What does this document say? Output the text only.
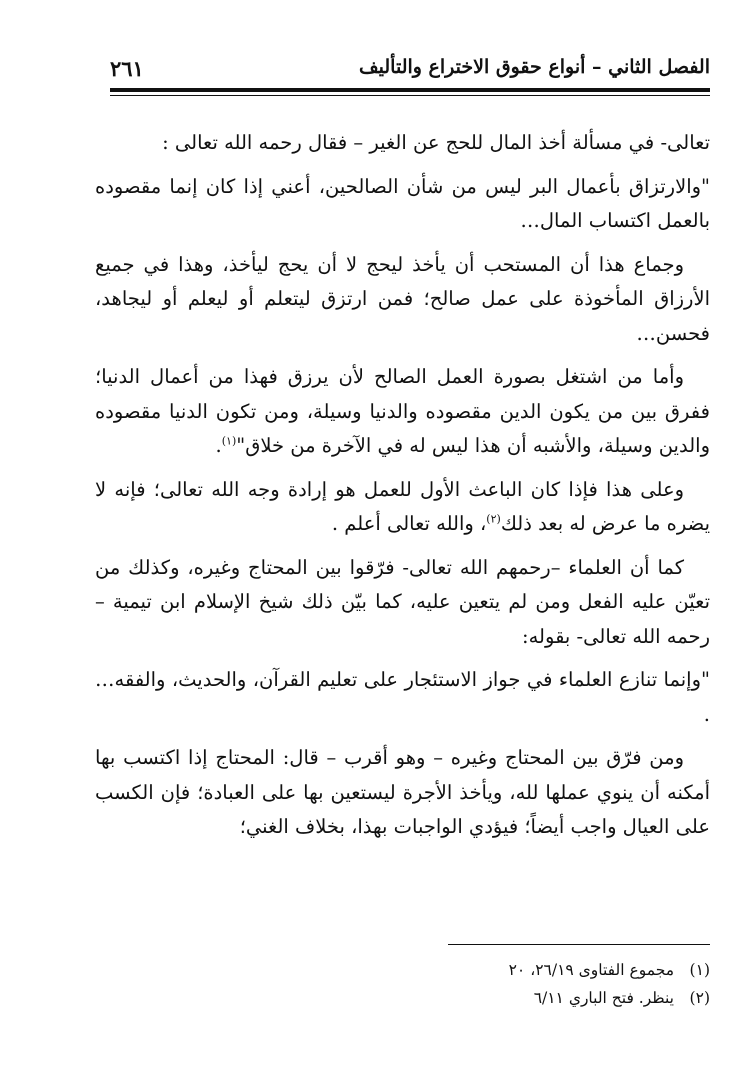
الفصل الثاني – أنواع حقوق الاختراع والتأليف
٢٦١

تعالى- في مسألة أخذ المال للحج عن الغير – فقال رحمه الله تعالى :

"والارتزاق بأعمال البر ليس من شأن الصالحين، أعني إذا كان إنما مقصوده بالعمل اكتساب المال…

وجماع هذا أن المستحب أن يأخذ ليحج لا أن يحج ليأخذ، وهذا في جميع الأرزاق المأخوذة على عمل صالح؛ فمن ارتزق ليتعلم أو ليعلم أو ليجاهد، فحسن…

وأما من اشتغل بصورة العمل الصالح لأن يرزق فهذا من أعمال الدنيا؛ ففرق بين من يكون الدين مقصوده والدنيا وسيلة، ومن تكون الدنيا مقصوده والدين وسيلة، والأشبه أن هذا ليس له في الآخرة من خلاق"$^{(١)}$.

وعلى هذا فإذا كان الباعث الأول للعمل هو إرادة وجه الله تعالى؛ فإنه لا يضره ما عرض له بعد ذلك$^{(٢)}$، والله تعالى أعلم .

كما أن العلماء –رحمهم الله تعالى- فرّقوا بين المحتاج وغيره، وكذلك من تعيّن عليه الفعل ومن لم يتعين عليه، كما بيّن ذلك شيخ الإسلام ابن تيمية –رحمه الله تعالى- بقوله:

"وإنما تنازع العلماء في جواز الاستئجار على تعليم القرآن، والحديث، والفقه… .

ومن فرّق بين المحتاج وغيره – وهو أقرب – قال: المحتاج إذا اكتسب بها أمكنه أن ينوي عملها لله، ويأخذ الأجرة ليستعين بها على العبادة؛ فإن الكسب على العيال واجب أيضاً؛ فيؤدي الواجبات بهذا، بخلاف الغني؛

(١)مجموع الفتاوى ٢٦/١٩، ٢٠
(٢)ينظر. فتح الباري ٦/١١
